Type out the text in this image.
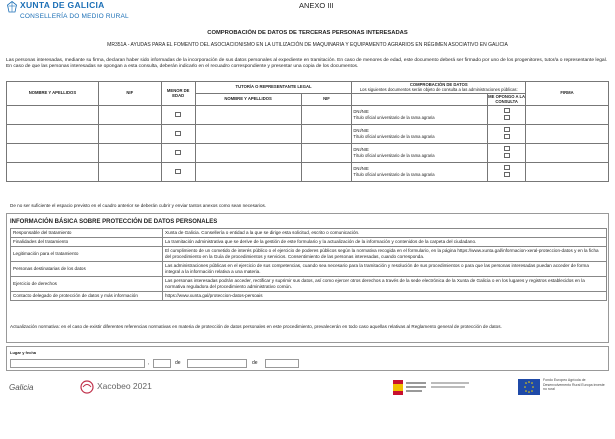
XUNTA DE GALICIA
CONSELLERÍA DO MEDIO RURAL
ANEXO III
COMPROBACIÓN DE DATOS DE TERCERAS PERSONAS INTERESADAS
MR351A - AYUDAS PARA EL FOMENTO DEL ASOCIACIONISMO EN LA UTILIZACIÓN DE MAQUINARIA Y EQUIPAMENTO AGRARIOS EN RÉGIMEN ASOCIATIVO EN GALICIA
Las personas interesadas, mediante su firma, declaran haber sido informadas de la incorporación de sus datos personales al expediente en tramitación. En caso de menores de edad, este documento deberá ser firmado por uno de los progenitores, tutor/a o representante legal. En caso de que las personas interesadas se opongan a esta consulta, deberán indicarlo en el recuadro correspondiente y presentar una copia de los documentos.
NOMBRE Y APELLIDOS	NIF	MENOR DE EDAD	TUTOR/A O REPRESENTANTE LEGAL		COMPROBACIÓN DE DATOS
Los siguientes documentos serán objeto de consulta a las administraciones públicas:		FIRMA
			NOMBRE Y APELLIDOS	NIF		ME OPONGO A LA CONSULTA	

					DNI/NIE
Título oficial universitario de la rama agraria		

					DNI/NIE
Título oficial universitario de la rama agraria		

					DNI/NIE
Título oficial universitario de la rama agraria		

					DNI/NIE
Título oficial universitario de la rama agraria		

De no ser suficiente el espacio previsto en el cuadro anterior se deberán cubrir y enviar tantos anexos como sean necesarios.
INFORMACIÓN BÁSICA SOBRE PROTECCIÓN DE DATOS PERSONALES
Responsable del tratamiento	Xunta de Galicia. Consellería o entidad a la que se dirige esta solicitud, escrito o comunicación.
Finalidades del tratamiento	La tramitación administrativa que se derive de la gestión de este formulario y la actualización de la información y contenidos de la carpeta del ciudadano.
Legitimación para el tratamiento	El cumplimiento de un cometido de interés público o el ejercicio de poderes públicos según la normativa recogida en el formulario, en la página https://www.xunta.gal/informacion-xeral-proteccion-datos y en la ficha del procedimiento en la Guía de procedimientos y servicios. Consentimiento de las personas interesadas, cuando corresponda.
Personas destinatarias de los datos	Las administraciones públicas en el ejercicio de sus competencias, cuando sea necesario para la tramitación y resolución de sus procedimientos o para que las personas interesadas puedan acceder de forma integral a la información relativa a una materia.
Ejercicio de derechos	Las personas interesadas podrán acceder, rectificar y suprimir sus datos, así como ejercer otros derechos a través de la sede electrónica de la Xunta de Galicia o en los lugares y registros establecidos en la normativa reguladora del procedimiento administrativo común.
Contacto delegado de protección de datos y más información	https://www.xunta.gal/proteccion-datos-persoais
Actualización normativa: en el caso de existir diferentes referencias normativas en materia de protección de datos personales en este procedimiento, prevalecerán en todo caso aquellas relativas al Reglamento general de protección de datos.
Lugar y fecha
,	de	de
Galicia	Xacobeo 2021
Fondo Europeo Agrícola de Desenvolvemento Rural Europa investe no rural
